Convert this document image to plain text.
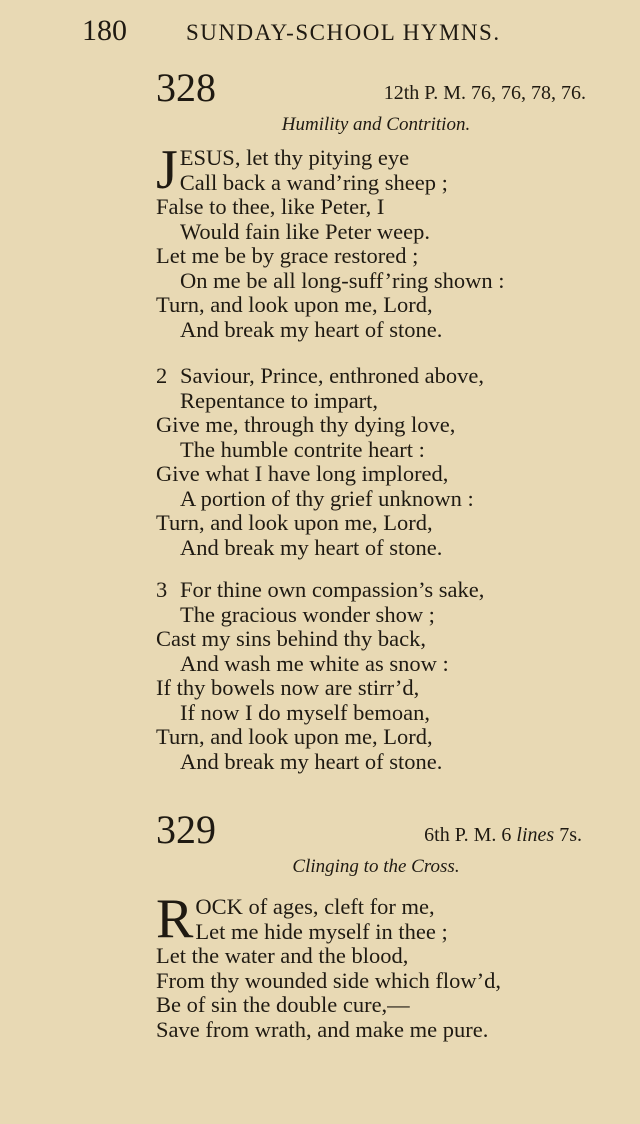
180	SUNDAY-SCHOOL HYMNS.
328	12th P. M. 76, 76, 78, 76.
Humility and Contrition.
J ESUS, let thy pitying eye
Call back a wand’ring sheep ;
False to thee, like Peter, I
Would fain like Peter weep.
Let me be by grace restored ;
On me be all long-suff’ring shown :
Turn, and look upon me, Lord,
And break my heart of stone.
2 Saviour, Prince, enthroned above,
Repentance to impart,
Give me, through thy dying love,
The humble contrite heart :
Give what I have long implored,
A portion of thy grief unknown :
Turn, and look upon me, Lord,
And break my heart of stone.
3 For thine own compassion’s sake,
The gracious wonder show ;
Cast my sins behind thy back,
And wash me white as snow :
If thy bowels now are stirr’d,
If now I do myself bemoan,
Turn, and look upon me, Lord,
And break my heart of stone.
329	6th P. M. 6 lines 7s.
Clinging to the Cross.
R OCK of ages, cleft for me,
Let me hide myself in thee ;
Let the water and the blood,
From thy wounded side which flow’d,
Be of sin the double cure,—
Save from wrath, and make me pure.
